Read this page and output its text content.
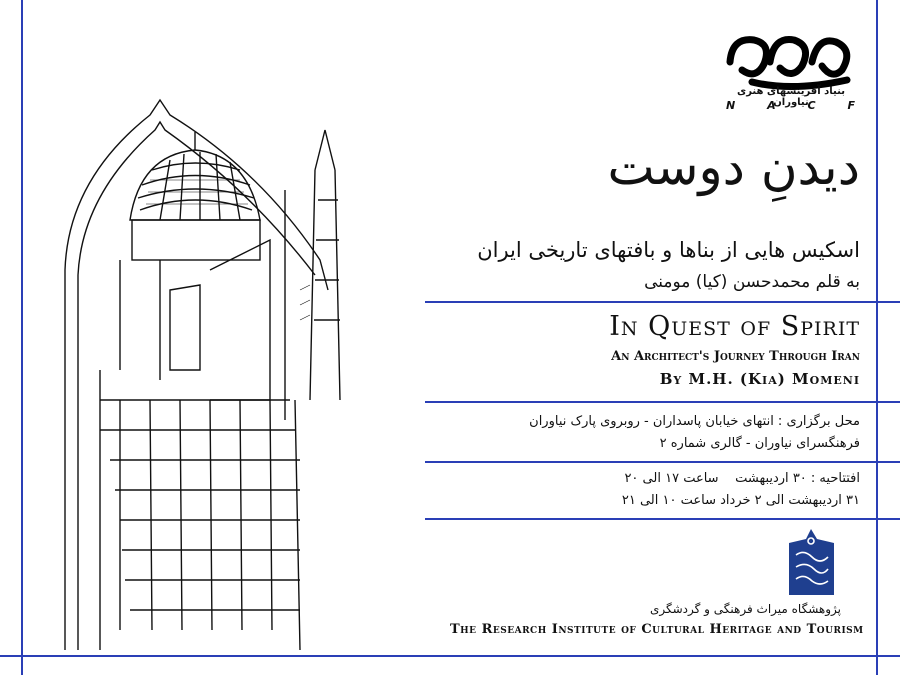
بنیاد آفرینشهای هنری نیاوران
N	A	C	F
دیدنِ دوست
اسکیس هایی از بناها و بافتهای تاریخی ایران
به قلم محمدحسن (کیا) مومنی
In Quest of Spirit
An Architect's Journey Through Iran
By M.H. (Kia) Momeni
محل برگزاری : انتهای خیابان پاسداران - روبروی پارک نیاوران
فرهنگسرای نیاوران - گالری شماره ۲
افتتاحیه : ۳۰ اردیبهشت    ساعت ۱۷ الی ۲۰
۳۱ اردیبهشت الی ۲ خرداد ساعت ۱۰ الی ۲۱
پژوهشگاه میراث فرهنگی و گردشگری
The Research Institute of Cultural Heritage and Tourism
